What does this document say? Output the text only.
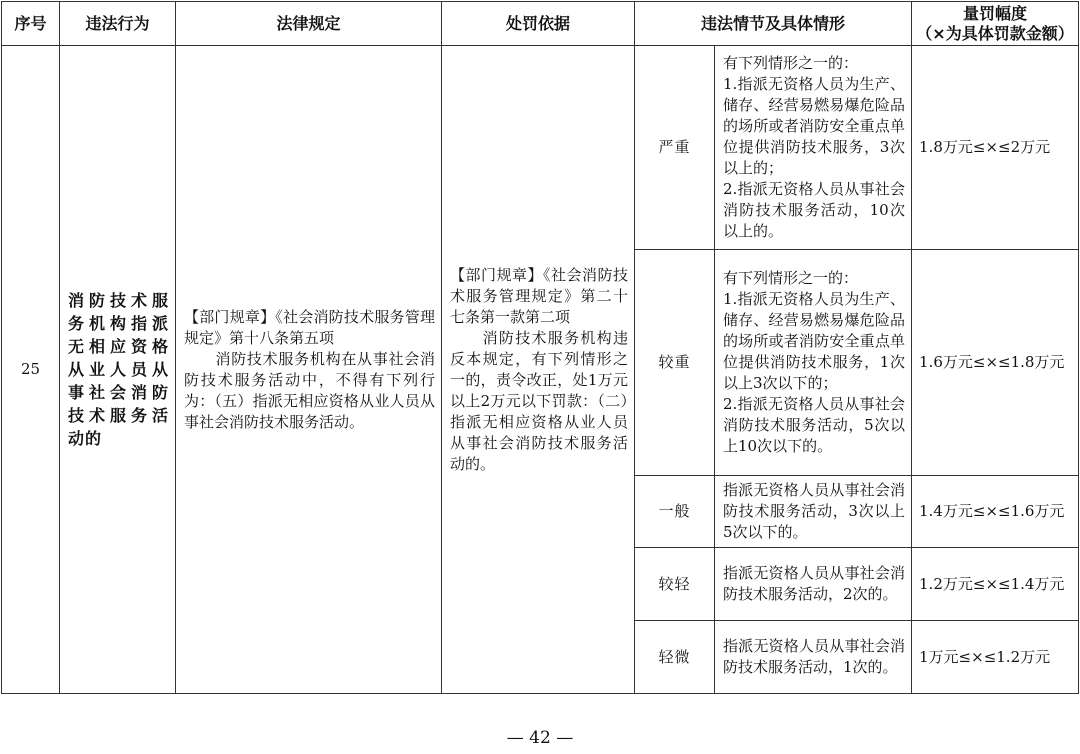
序号	违法行为	法律规定	处罚依据	违法情节及具体情形		量罚幅度
（×为具体罚款金额）

25	消防技术服务机构指派无相应资格从业人员从事社会消防技术服务活动的	【部门规章】《社会消防技术服务管理规定》第十八条第五项
　　消防技术服务机构在从事社会消防技术服务活动中，不得有下列行为：（五）指派无相应资格从业人员从事社会消防技术服务活动。	【部门规章】《社会消防技术服务管理规定》第二十七条第一款第二项
　　消防技术服务机构违反本规定，有下列情形之一的，责令改正，处1万元以上2万元以下罚款：（二）指派无相应资格从业人员从事社会消防技术服务活动的。	严重	有下列情形之一的：
1.指派无资格人员为生产、储存、经营易燃易爆危险品的场所或者消防安全重点单位提供消防技术服务，3次以上的；
2.指派无资格人员从事社会消防技术服务活动，10次以上的。	1.8万元≤×≤2万元
				较重	有下列情形之一的：
1.指派无资格人员为生产、储存、经营易燃易爆危险品的场所或者消防安全重点单位提供消防技术服务，1次以上3次以下的；
2.指派无资格人员从事社会消防技术服务活动，5次以上10次以下的。	1.6万元≤×≤1.8万元
				一般	指派无资格人员从事社会消防技术服务活动，3次以上5次以下的。	1.4万元≤×≤1.6万元
				较轻	指派无资格人员从事社会消防技术服务活动，2次的。	1.2万元≤×≤1.4万元
				轻微	指派无资格人员从事社会消防技术服务活动，1次的。	1万元≤×≤1.2万元
— 42 —
